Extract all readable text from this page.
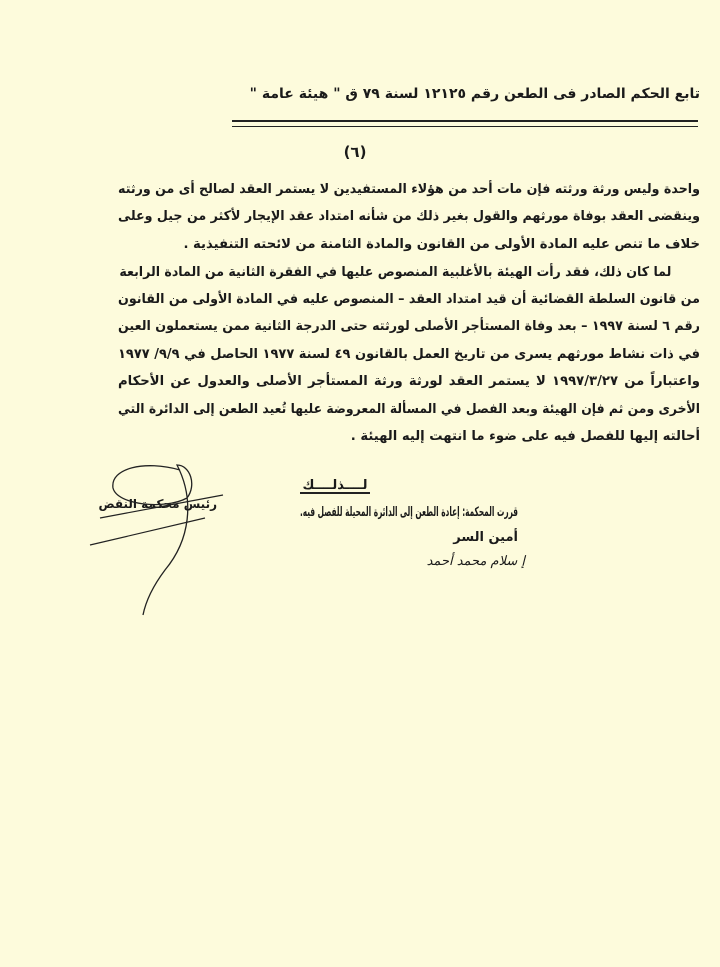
تابع الحكم الصادر فى الطعن رقم ١٢١٢٥ لسنة ٧٩ ق " هيئة عامة "
(٦)
واحدة وليس ورثة ورثته فإن مات أحد من هؤلاء المستفيدين لا يستمر العقد لصالح أى من ورثته
وينقضى العقد بوفاة مورثهم والقول بغير ذلك من شأنه امتداد عقد الإيجار لأكثر من جيل وعلى
خلاف ما تنص عليه المادة الأولى من القانون والمادة الثامنة من لائحته التنفيذية .
لما كان ذلك، فقد رأت الهيئة بالأغلبية المنصوص عليها في الفقرة الثانية من المادة الرابعة
من قانون السلطة القضائية أن قيد امتداد العقد – المنصوص عليه في المادة الأولى من القانون
رقم ٦ لسنة ١٩٩٧ – بعد وفاة المستأجر الأصلى لورثته حتى الدرجة الثانية ممن يستعملون العين
في ذات نشاط مورثهم يسرى من تاريخ العمل بالقانون ٤٩ لسنة ١٩٧٧ الحاصل في ٩/٩/ ١٩٧٧
واعتباراً من ١٩٩٧/٣/٢٧ لا يستمر العقد لورثة ورثة المستأجر الأصلى والعدول عن الأحكام
الأخرى ومن ثم فإن الهيئة وبعد الفصل في المسألة المعروضة عليها تُعيد الطعن إلى الدائرة التي
أحالته إليها للفصل فيه على ضوء ما انتهت إليه الهيئة .
لــــذلــــك
قررت المحكمة: إعادة الطعن إلى الدائرة المحيلة للفصل فيه.
أمين السر
إ سلام محمد أحمد
رئيس محكمة النقض
